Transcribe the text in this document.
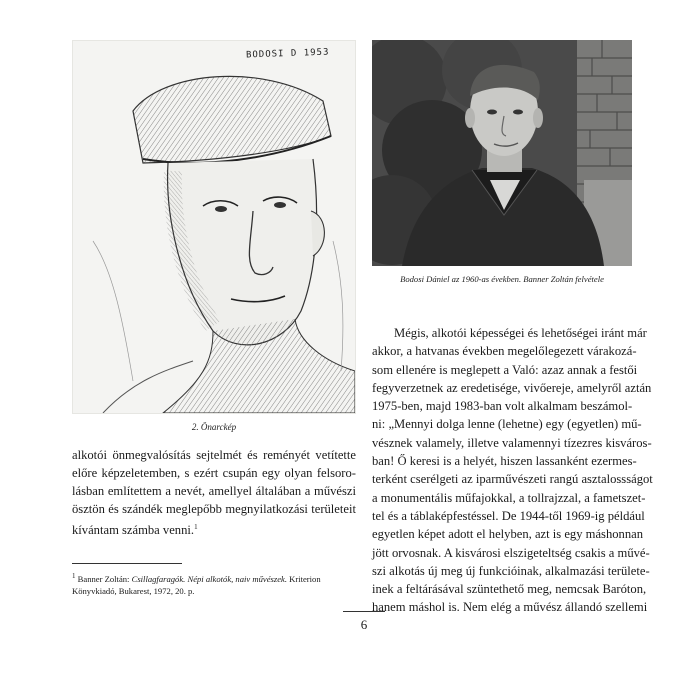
BODOSI D 1953
2. Önarckép
alkotói önmegvalósítás sejtelmét és reményét vetítette
előre képzeletemben, s ezért csupán egy olyan felsoro-
lásban említettem a nevét, amellyel általában a művészi
ösztön és szándék meglepőbb megnyilatkozási területeit
kívántam számba venni.$^1$
$^1$ Banner Zoltán: Csillagfaragók. Népi alkotók, naiv művészek. Kriterion Könyvkiadó, Bukarest, 1972, 20. p.
Bodosi Dániel az 1960-as években. Banner Zoltán felvétele
Mégis, alkotói képességei és lehetőségei iránt már
akkor, a hatvanas években megelőlegezett várakozá-
som ellenére is meglepett a Való: azaz annak a festői
fegyverzetnek az eredetisége, vivőereje, amelyről aztán
1975-ben, majd 1983-ban volt alkalmam beszámol-
ni: „Mennyi dolga lenne (lehetne) egy (egyetlen) mű-
vésznek valamely, illetve valamennyi tízezres kisváros-
ban! Ő keresi is a helyét, hiszen lassanként ezermes-
terként cserélgeti az iparművészeti rangú asztalossságot
a monumentális műfajokkal, a tollrajzzal, a fametszet-
tel és a táblaképfestéssel. De 1944-től 1969-ig például
egyetlen képet adott el helyben, azt is egy máshonnan
jött orvosnak. A kisvárosi elszigeteltség csakis a művé-
szi alkotás új meg új funkcióinak, alkalmazási területe-
inek a feltárásával szüntethető meg, nemcsak Baróton,
hanem máshol is. Nem elég a művész állandó szellemi
6
